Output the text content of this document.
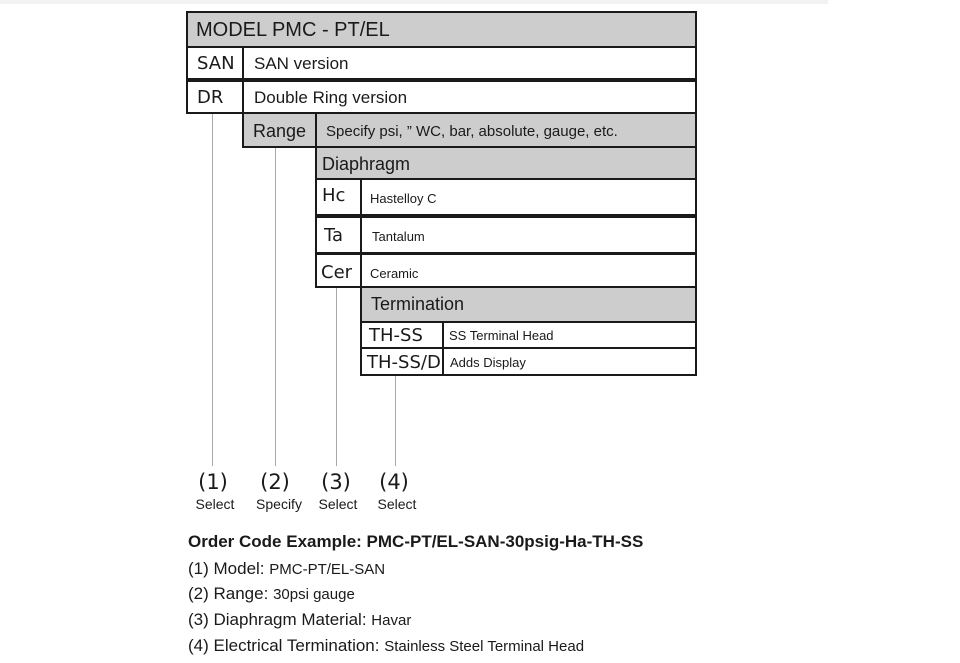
MODEL PMC - PT/EL
SAN SAN version
DR Double Ring version
Range Specify psi, ” WC, bar, absolute, gauge, etc.
Diaphragm
Hc Hastelloy C
Ta Tantalum
Cer Ceramic
Termination
TH-SS SS Terminal Head
TH-SS/D Adds Display
(1)	(2)	(3)	(4)
Select	Specify	Select	Select
Order Code Example: PMC-PT/EL-SAN-30psig-Ha-TH-SS
(1) Model: PMC-PT/EL-SAN
(2) Range: 30psi gauge
(3) Diaphragm Material: Havar
(4) Electrical Termination: Stainless Steel Terminal Head
